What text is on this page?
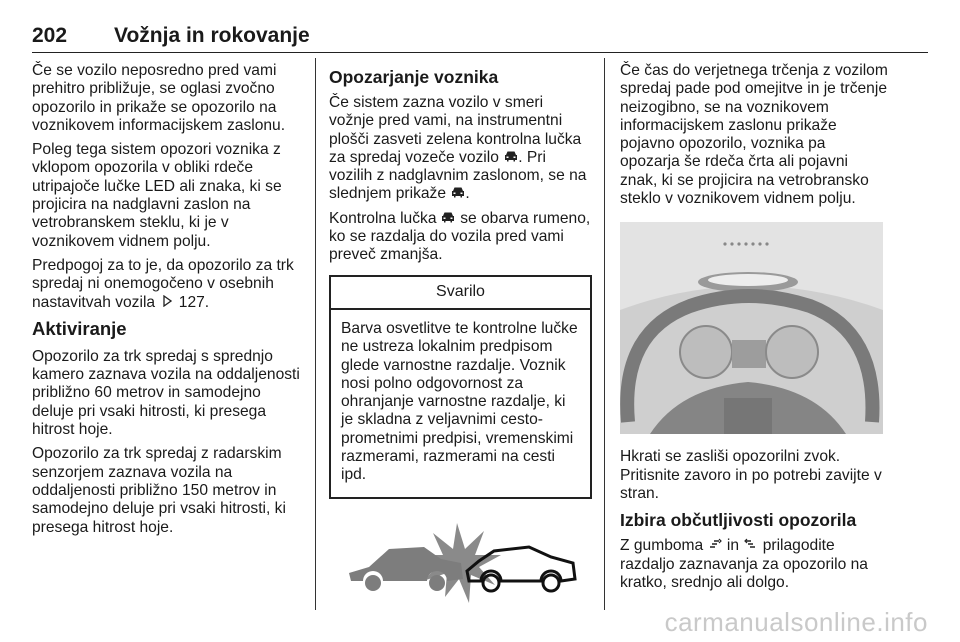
202 Vožnja in rokovanje

Če se vozilo neposredno pred vami prehitro približuje, se oglasi zvočno opozorilo in prikaže se opozorilo na voznikovem informacijskem zaslonu.

Poleg tega sistem opozori voznika z vklopom opozorila v obliki rdeče utripajoče lučke LED ali znaka, ki se projicira na nadglavni zaslon na vetrobranskem steklu, ki je v voznikovem vidnem polju.

Predpogoj za to je, da opozorilo za trk spredaj ni onemogočeno v osebnih nastavitvah vozila 127.

Aktiviranje

Opozorilo za trk spredaj s sprednjo kamero zaznava vozila na oddaljenosti približno 60 metrov in samodejno deluje pri vsaki hitrosti, ki presega hitrost hoje.

Opozorilo za trk spredaj z radarskim senzorjem zaznava vozila na oddaljenosti približno 150 metrov in samodejno deluje pri vsaki hitrosti, ki presega hitrost hoje.

Opozarjanje voznika

Če sistem zazna vozilo v smeri vožnje pred vami, na instrumentni plošči zasveti zelena kontrolna lučka za spredaj vozeče vozilo . Pri vozilih z nadglavnim zaslonom, se na slednjem prikaže .

Kontrolna lučka se obarva rumeno, ko se razdalja do vozila pred vami preveč zmanjša.

Svarilo
Barva osvetlitve te kontrolne lučke ne ustreza lokalnim predpisom glede varnostne razdalje. Voznik nosi polno odgovornost za ohranjanje varnostne razdalje, ki je skladna z veljavnimi cesto-prometnimi predpisi, vremenskimi razmerami, razmerami na cesti ipd.

Če čas do verjetnega trčenja z vozilom spredaj pade pod omejitve in je trčenje neizogibno, se na voznikovem informacijskem zaslonu prikaže pojavno opozorilo, voznika pa opozarja še rdeča črta ali pojavni znak, ki se projicira na vetrobransko steklo v voznikovem vidnem polju.

Hkrati se zasliši opozorilni zvok. Pritisnite zavoro in po potrebi zavijte v stran.

Izbira občutljivosti opozorila

Z gumboma in prilagodite razdaljo zaznavanja za opozorilo na kratko, srednjo ali dolgo.

carmanualsonline.info
